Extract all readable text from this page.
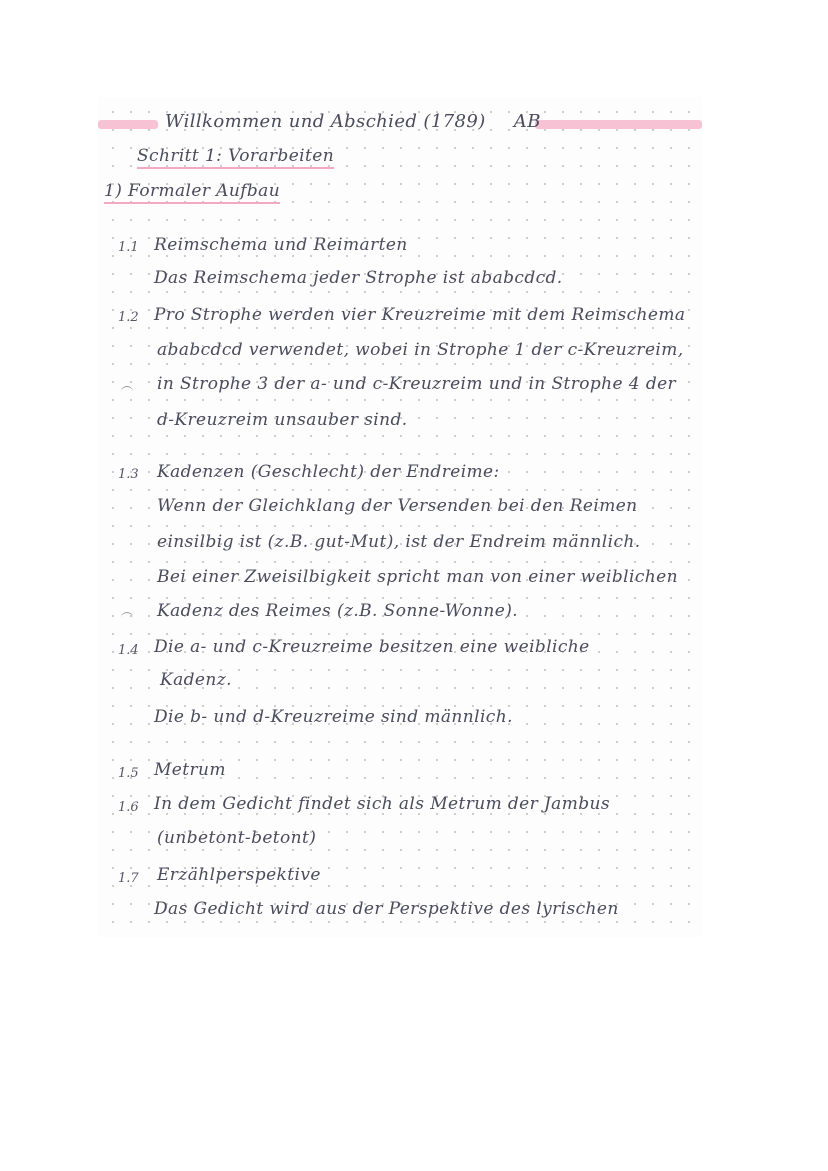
Willkommen und Abschied (1789) AB
Schritt 1: Vorarbeiten
1) Formaler Aufbau
1.1 Reimschema und Reimarten
Das Reimschema jeder Strophe ist ababcdcd.
1.2 Pro Strophe werden vier Kreuzreime mit dem Reimschema
ababcdcd verwendet, wobei in Strophe 1 der c-Kreuzreim,
in Strophe 3 der a- und c-Kreuzreim und in Strophe 4 der
d-Kreuzreim unsauber sind.
1.3 Kadenzen (Geschlecht) der Endreime:
Wenn der Gleichklang der Versenden bei den Reimen
einsilbig ist (z.B. gut-Mut), ist der Endreim männlich.
Bei einer Zweisilbigkeit spricht man von einer weiblichen
Kadenz des Reimes (z.B. Sonne-Wonne).
1.4 Die a- und c-Kreuzreime besitzen eine weibliche
Kadenz.
Die b- und d-Kreuzreime sind männlich.
1.5 Metrum
1.6 In dem Gedicht findet sich als Metrum der Jambus
(unbetont-betont)
1.7 Erzählperspektive
Das Gedicht wird aus der Perspektive des lyrischen
